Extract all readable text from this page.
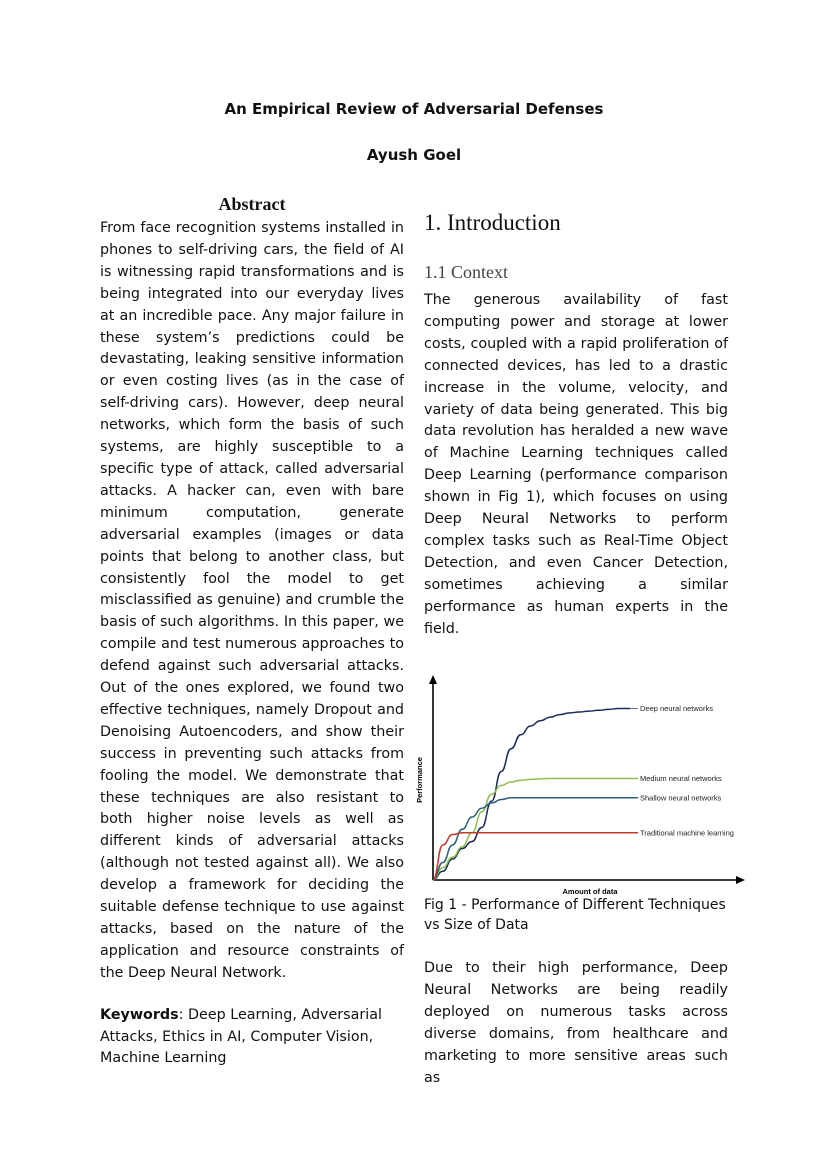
An Empirical Review of Adversarial Defenses
Ayush Goel
Abstract
From face recognition systems installed in phones to self-driving cars, the field of AI is witnessing rapid transformations and is being integrated into our everyday lives at an incredible pace. Any major failure in these system’s predictions could be devastating, leaking sensitive information or even costing lives (as in the case of self-driving cars). However, deep neural networks, which form the basis of such systems, are highly susceptible to a specific type of attack, called adversarial attacks. A hacker can, even with bare minimum computation, generate adversarial examples (images or data points that belong to another class, but consistently fool the model to get misclassified as genuine) and crumble the basis of such algorithms. In this paper, we compile and test numerous approaches to defend against such adversarial attacks. Out of the ones explored, we found two effective techniques, namely Dropout and Denoising Autoencoders, and show their success in preventing such attacks from fooling the model. We demonstrate that these techniques are also resistant to both higher noise levels as well as different kinds of adversarial attacks (although not tested against all). We also develop a framework for deciding the suitable defense technique to use against attacks, based on the nature of the application and resource constraints of the Deep Neural Network.
Keywords: Deep Learning, Adversarial Attacks, Ethics in AI, Computer Vision, Machine Learning
1. Introduction
1.1 Context
The generous availability of fast computing power and storage at lower costs, coupled with a rapid proliferation of connected devices, has led to a drastic increase in the volume, velocity, and variety of data being generated. This big data revolution has heralded a new wave of Machine Learning techniques called Deep Learning (performance comparison shown in Fig 1), which focuses on using Deep Neural Networks to perform complex tasks such as Real-Time Object Detection, and even Cancer Detection, sometimes achieving a similar performance as human experts in the field.
Amount of data
Performance
Deep neural networks
Medium neural networks
Shallow neural networks
Traditional machine learning
Fig 1 - Performance of Different Techniques vs Size of Data
Due to their high performance, Deep Neural Networks are being readily deployed on numerous tasks across diverse domains, from healthcare and marketing to more sensitive areas such as
